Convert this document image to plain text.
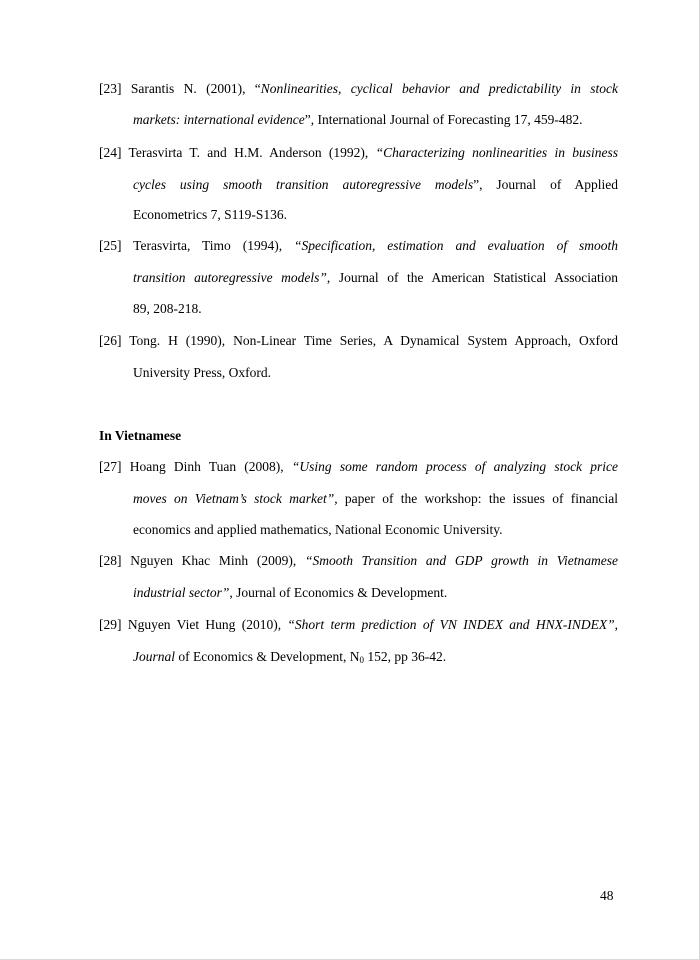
[23] Sarantis N. (2001), “Nonlinearities, cyclical behavior and predictability in stock
markets: international evidence”, International Journal of Forecasting 17, 459-482.
[24] Terasvirta T. and H.M. Anderson (1992), “Characterizing nonlinearities in business
cycles using smooth transition autoregressive models”, Journal of Applied
Econometrics 7, S119-S136.
[25] Terasvirta, Timo (1994), “Specification, estimation and evaluation of smooth
transition autoregressive models”, Journal of the American Statistical Association
89, 208-218.
[26] Tong. H (1990), Non-Linear Time Series, A Dynamical System Approach, Oxford
University Press, Oxford.
In Vietnamese
[27] Hoang Dinh Tuan (2008), “Using some random process of analyzing stock price
moves on Vietnam’s stock market”, paper of the workshop: the issues of financial
economics and applied mathematics, National Economic University.
[28] Nguyen Khac Minh (2009), “Smooth Transition and GDP growth in Vietnamese
industrial sector”, Journal of Economics & Development.
[29] Nguyen Viet Hung (2010), “Short term prediction of VN INDEX and HNX-INDEX”,
Journal of Economics & Development, $N_0$ 152, pp 36-42.
48
